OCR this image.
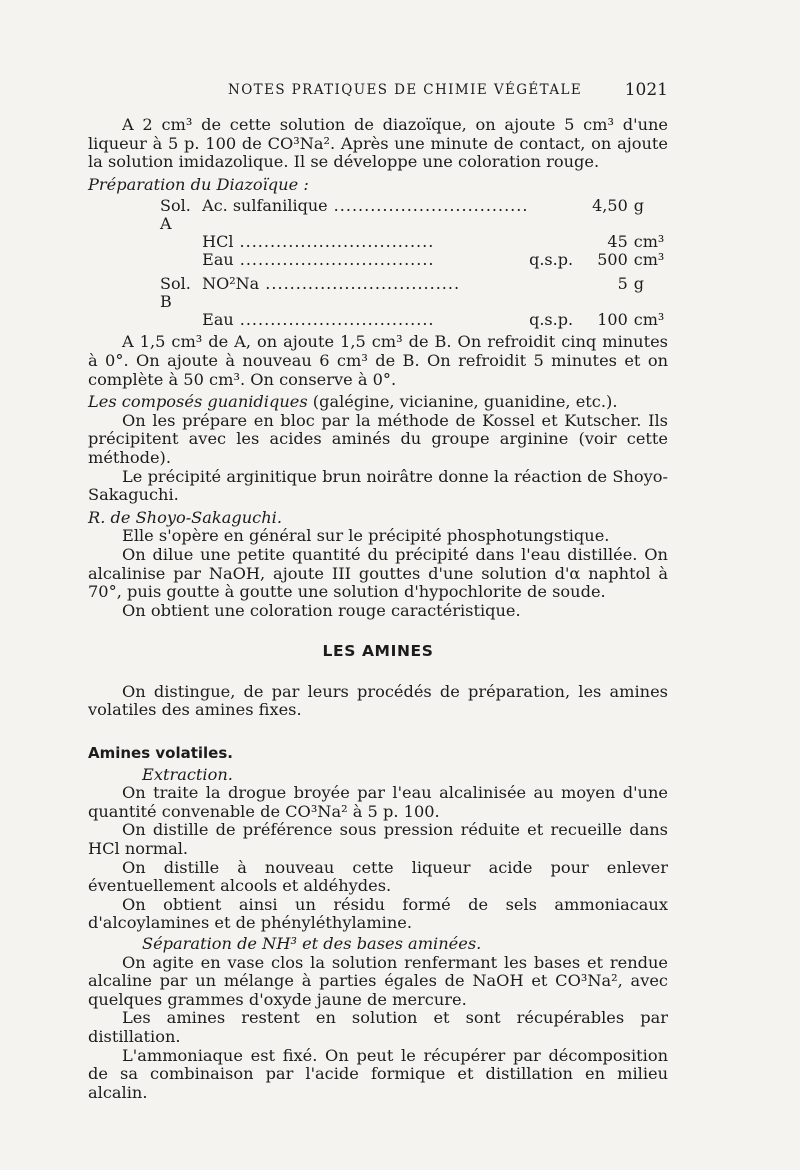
NOTES PRATIQUES DE CHIMIE VÉGÉTALE	1021

A 2 cm³ de cette solution de diazoïque, on ajoute 5 cm³ d'une liqueur à 5 p. 100 de CO³Na². Après une minute de contact, on ajoute la solution imidazolique. Il se développe une coloration rouge.

Préparation du Diazoïque :

Sol. A	Ac. sulfanilique .....		4,50	g

	HCl .....		45	cm³

	Eau .....	q.s.p.	500	cm³
Sol. B	NO²Na .....		5	g

	Eau .....	q.s.p.	100	cm³

A 1,5 cm³ de A, on ajoute 1,5 cm³ de B. On refroidit cinq minutes à 0°. On ajoute à nouveau 6 cm³ de B. On refroidit 5 minutes et on complète à 50 cm³. On conserve à 0°.

Les composés guanidiques (galégine, vicianine, guanidine, etc.).

On les prépare en bloc par la méthode de Kossel et Kutscher. Ils précipitent avec les acides aminés du groupe arginine (voir cette méthode).

Le précipité arginitique brun noirâtre donne la réaction de Shoyo-Sakaguchi.

R. de Shoyo-Sakaguchi.

Elle s'opère en général sur le précipité phosphotungstique.

On dilue une petite quantité du précipité dans l'eau distillée. On alcalinise par NaOH, ajoute III gouttes d'une solution d'α naphtol à 70°, puis goutte à goutte une solution d'hypochlorite de soude.

On obtient une coloration rouge caractéristique.

LES AMINES

On distingue, de par leurs procédés de préparation, les amines volatiles des amines fixes.

Amines volatiles.

Extraction.

On traite la drogue broyée par l'eau alcalinisée au moyen d'une quantité convenable de CO³Na² à 5 p. 100.

On distille de préférence sous pression réduite et recueille dans HCl normal.

On distille à nouveau cette liqueur acide pour enlever éventuellement alcools et aldéhydes.

On obtient ainsi un résidu formé de sels ammoniacaux d'alcoylamines et de phényléthylamine.

Séparation de NH³ et des bases aminées.

On agite en vase clos la solution renfermant les bases et rendue alcaline par un mélange à parties égales de NaOH et CO³Na², avec quelques grammes d'oxyde jaune de mercure.

Les amines restent en solution et sont récupérables par distillation.

L'ammoniaque est fixé. On peut le récupérer par décomposition de sa combinaison par l'acide formique et distillation en milieu alcalin.
